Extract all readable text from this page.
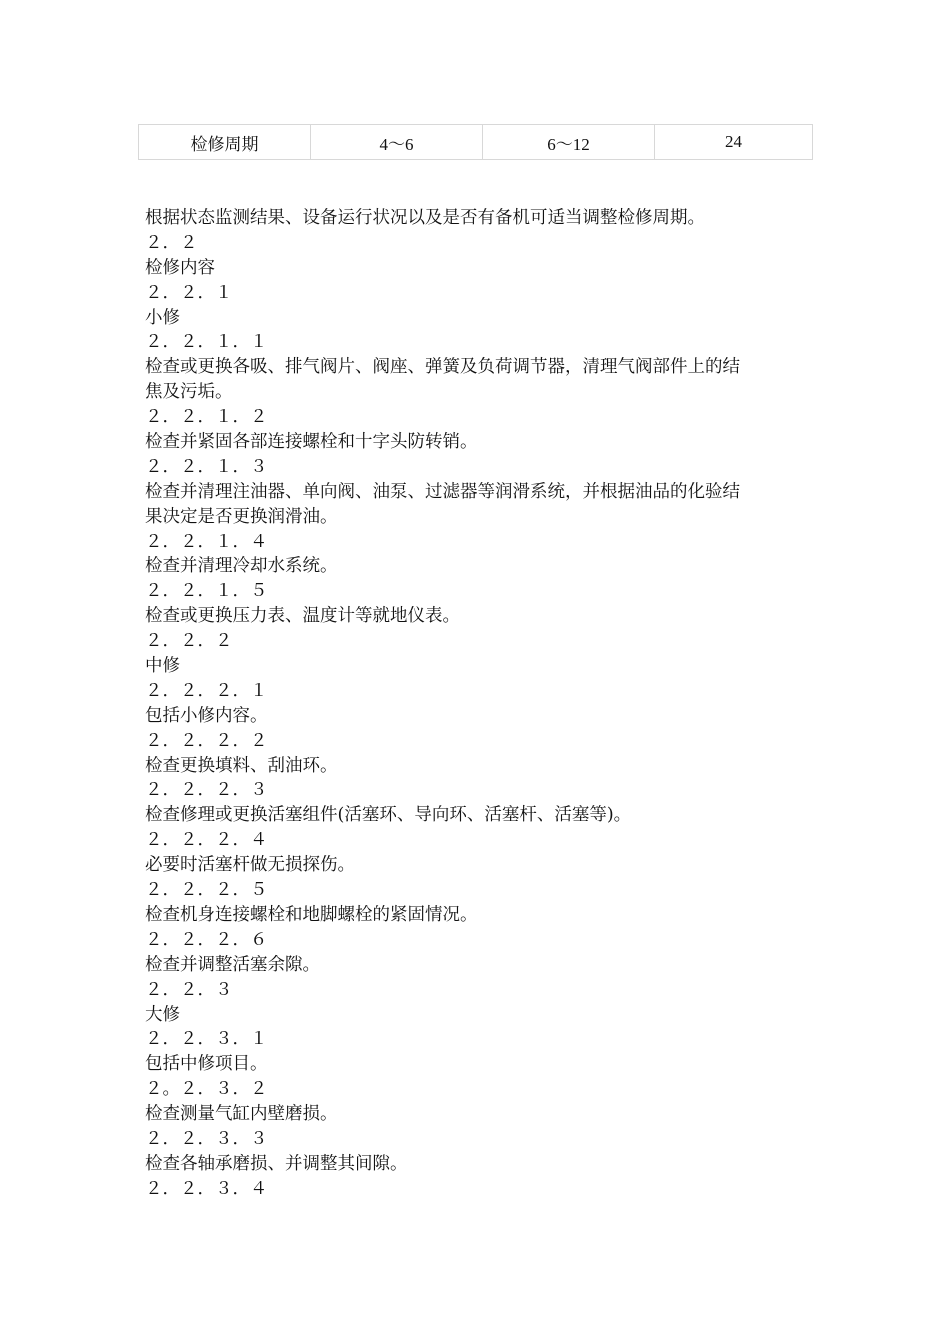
检修周期	4～6	6～12	24
根据状态监测结果、设备运行状况以及是否有备机可适当调整检修周期。
２．２
检修内容
２．２．１
小修
２．２．１．１
检查或更换各吸、排气阀片、阀座、弹簧及负荷调节器，清理气阀部件上的结
焦及污垢。
２．２．１．２
检查并紧固各部连接螺栓和十字头防转销。
２．２．１．３
检查并清理注油器、单向阀、油泵、过滤器等润滑系统，并根据油品的化验结
果决定是否更换润滑油。
２．２．１．４
检查并清理冷却水系统。
２．２．１．５
检查或更换压力表、温度计等就地仪表。
２．２．２
中修
２．２．２．１
包括小修内容。
２．２．２．２
检查更换填料、刮油环。
２．２．２．３
检查修理或更换活塞组件(活塞环、导向环、活塞杆、活塞等)。
２．２．２．４
必要时活塞杆做无损探伤。
２．２．２．５
检查机身连接螺栓和地脚螺栓的紧固情况。
２．２．２．６
检查并调整活塞余隙。
２．２．３
大修
２．２．３．１
包括中修项目。
２。２．３．２
检查测量气缸内壁磨损。
２．２．３．３
检查各轴承磨损、并调整其间隙。
２．２．３．４
